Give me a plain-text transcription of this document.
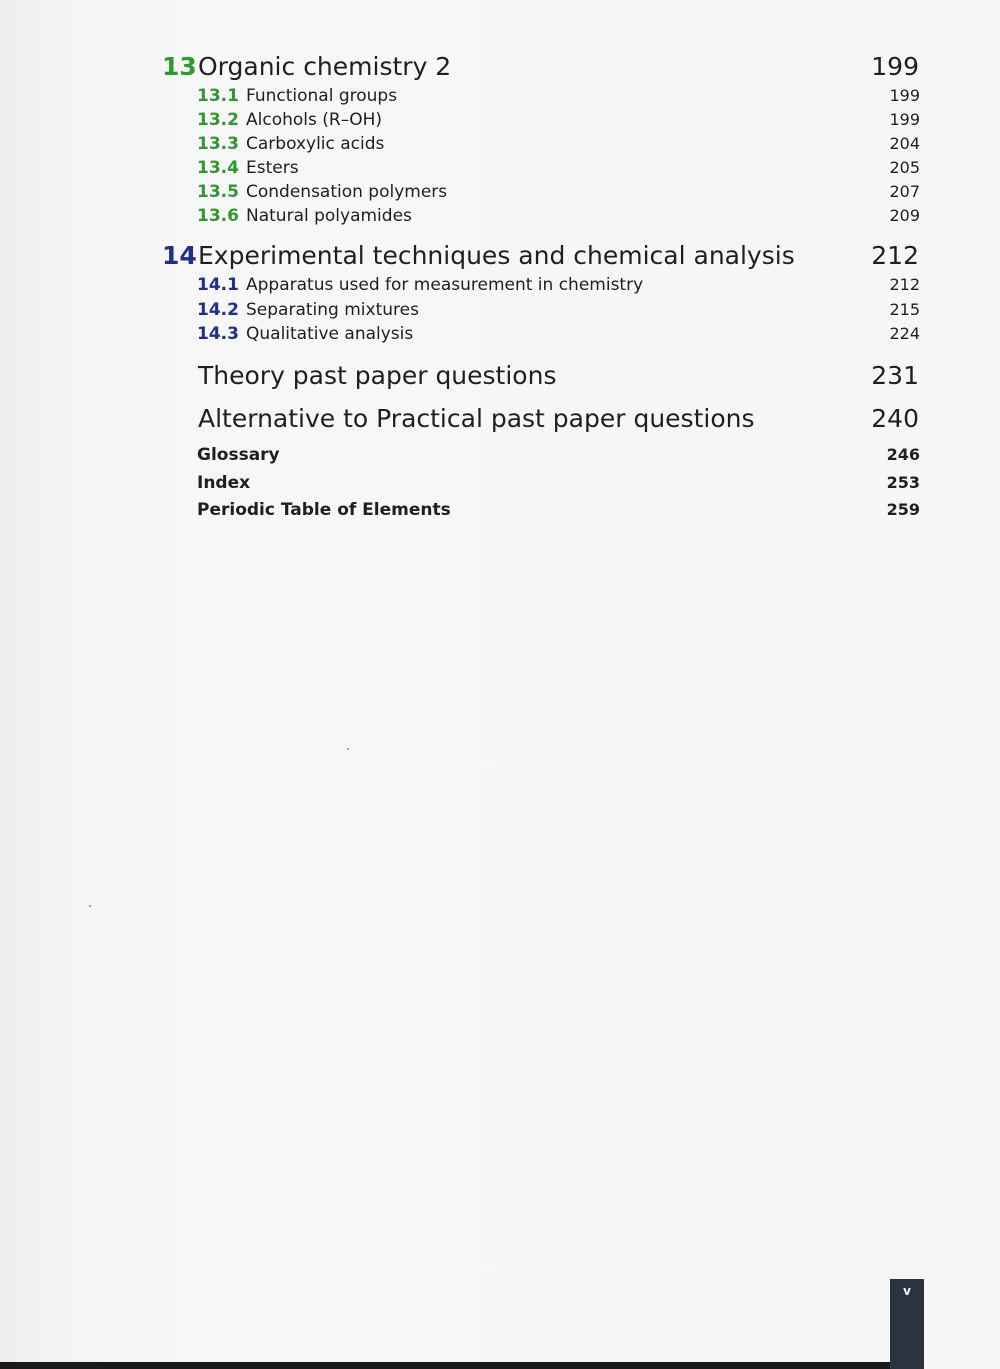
13 Organic chemistry 2	199
13.1 Functional groups	199
13.2 Alcohols (R–OH)	199
13.3 Carboxylic acids	204
13.4 Esters	205
13.5 Condensation polymers	207
13.6 Natural polyamides	209
14 Experimental techniques and chemical analysis	212
14.1 Apparatus used for measurement in chemistry	212
14.2 Separating mixtures	215
14.3 Qualitative analysis	224
Theory past paper questions	231
Alternative to Practical past paper questions	240
Glossary	246
Index	253
Periodic Table of Elements	259
v
